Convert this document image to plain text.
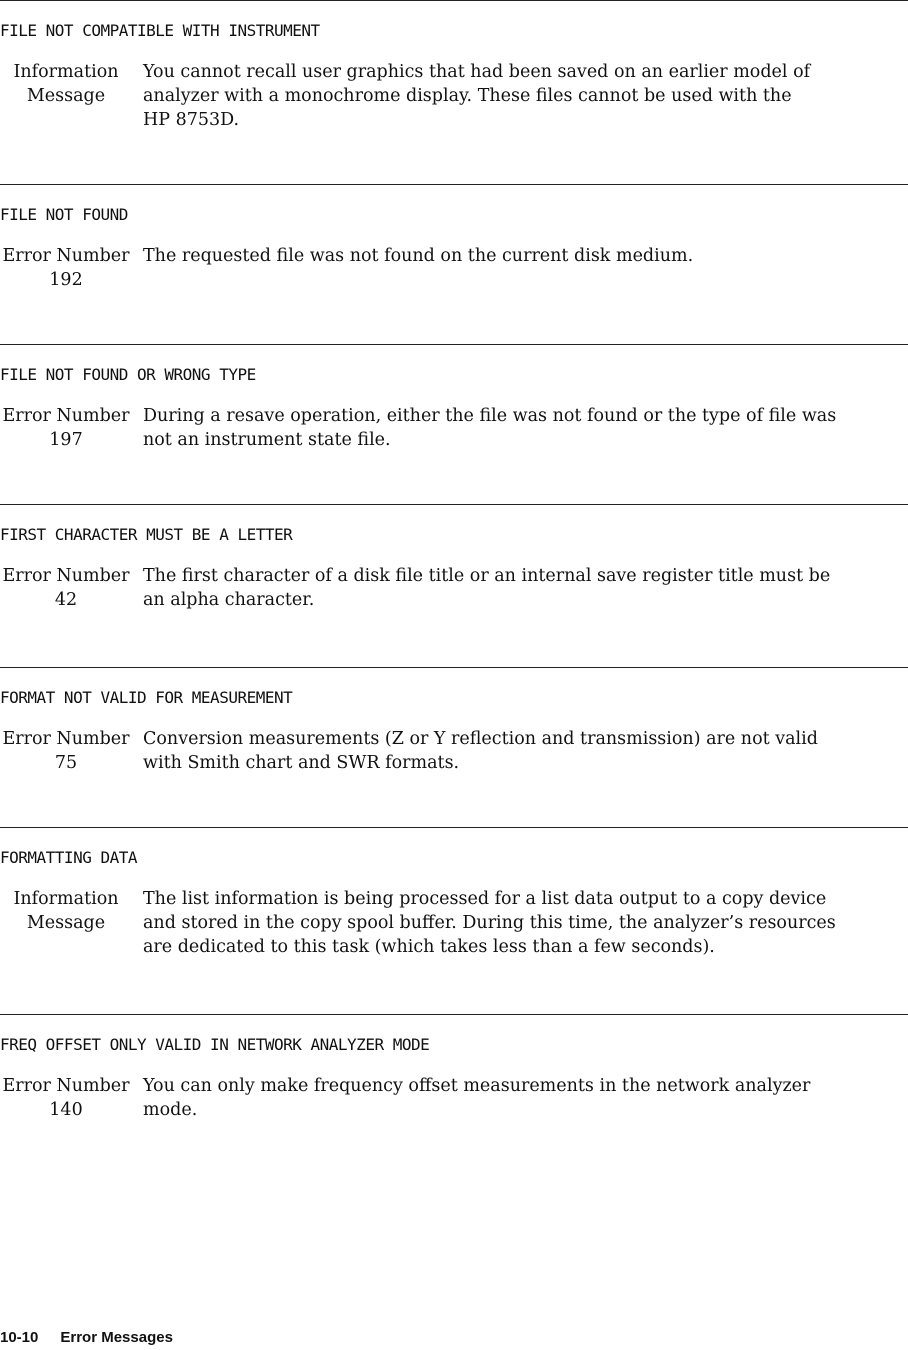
FILE NOT COMPATIBLE WITH INSTRUMENT
Information
Message

You cannot recall user graphics that had been saved on an earlier model of
analyzer with a monochrome display. These files cannot be used with the
HP 8753D.

FILE NOT FOUND
Error Number
192

The requested file was not found on the current disk medium.

FILE NOT FOUND OR WRONG TYPE
Error Number
197

During a resave operation, either the file was not found or the type of file was
not an instrument state file.

FIRST CHARACTER MUST BE A LETTER
Error Number
42

The first character of a disk file title or an internal save register title must be
an alpha character.

FORMAT NOT VALID FOR MEASUREMENT
Error Number
75

Conversion measurements (Z or Y reflection and transmission) are not valid
with Smith chart and SWR formats.

FORMATTING DATA
Information
Message

The list information is being processed for a list data output to a copy device
and stored in the copy spool buffer. During this time, the analyzer’s resources
are dedicated to this task (which takes less than a few seconds).

FREQ OFFSET ONLY VALID IN NETWORK ANALYZER MODE
Error Number
140

You can only make frequency offset measurements in the network analyzer
mode.

10-10 Error Messages
